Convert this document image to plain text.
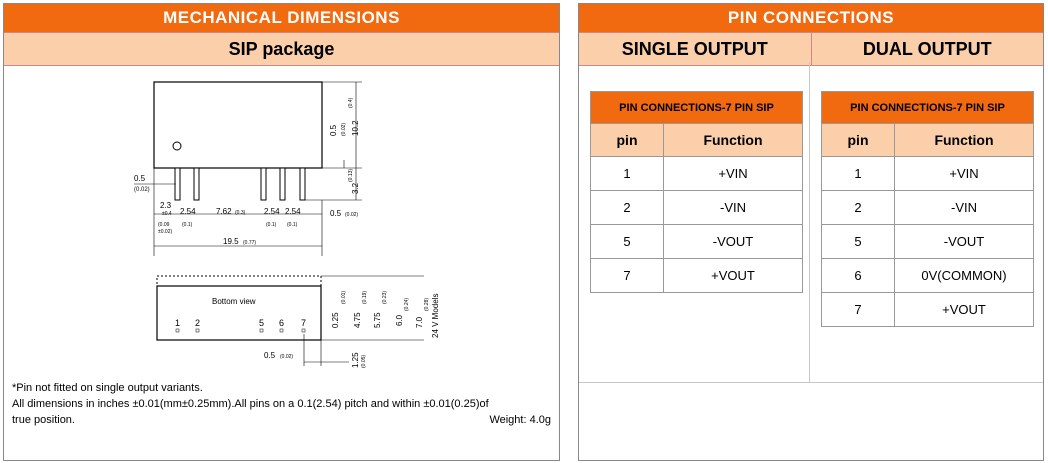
MECHANICAL DIMENSIONS
SIP package
0.5 (0.02) 10.2
(0.4)
3.2
(0.13)
0.5
(0.02)
2.3
±0.4
(0.09
±0.02)
2.54
(0.1)
7.62 (0.3) 2.54
(0.1)
2.54
(0.1)
0.5 (0.02)
19.5 (0.77)
Bottom view
1 2	5 6 7	0.25
(0.01)
4.75
(0.19)
5.75
(0.23)
6.0
(0.24)
7.0
(0.28) 24 V Models
0.5 (0.02)	1.25 (0.05)

*Pin not fitted on single output variants.

All dimensions in inches ±0.01(mm±0.25mm).All pins on a 0.1(2.54) pitch and within ±0.01(0.25)of true position.	Weight: 4.0g
PIN CONNECTIONS
SINGLE OUTPUT	DUAL OUTPUT
PIN CONNECTIONS-7 PIN SIP	
pin	Function
1	+VIN
2	-VIN
5	-VOUT
7	+VOUT
PIN CONNECTIONS-7 PIN SIP	
pin	Function
1	+VIN
2	-VIN
5	-VOUT
6	0V(COMMON)
7	+VOUT
